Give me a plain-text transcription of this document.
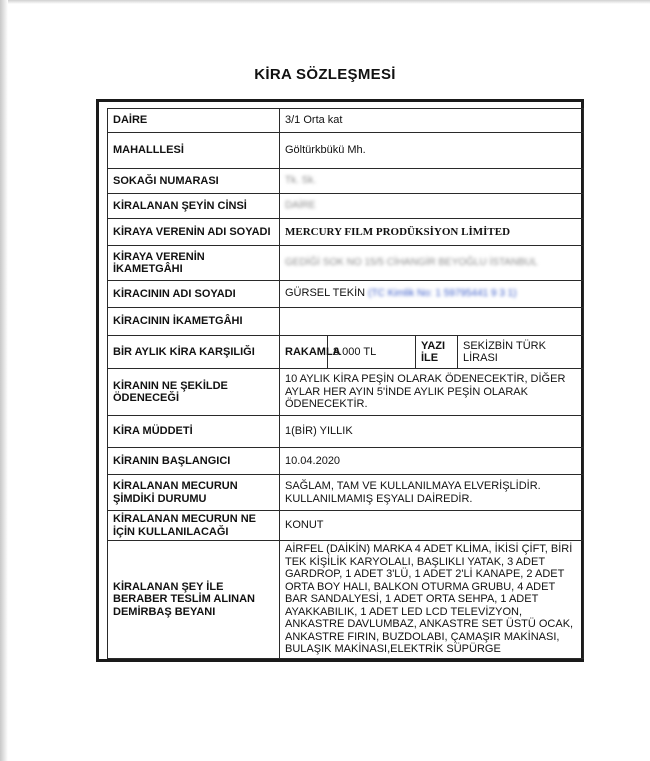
KİRA SÖZLEŞMESİ
DAİRE	3/1 Orta kat			
MAHALLLESİ	Göltürkbükü Mh.			
SOKAĞI NUMARASI	Tk. Sk.			
KİRALANAN ŞEYİN CİNSİ	DAİRE			
KİRAYA VERENİN ADI SOYADI	MERCURY FILM PRODÜKSİYON LİMİTED			
KİRAYA VERENİN İKAMETGÂHI	GEDİĞİ SOK NO 15/5 CİHANGİR BEYOĞLU İSTANBUL			
KİRACININ ADI SOYADI	GÜRSEL TEKİN (TC Kimlik No: 1 59795441 9 3 1)			
KİRACININ İKAMETGÂHI				
BİR AYLIK KİRA KARŞILIĞI	RAKAMLA	8.000 TL	YAZI İLE	SEKİZBİN TÜRK LİRASI
KİRANIN NE ŞEKİLDE ÖDENECEĞİ	10 AYLIK KİRA PEŞİN OLARAK ÖDENECEKTİR, DİĞER AYLAR HER AYIN 5'İNDE AYLIK PEŞİN OLARAK ÖDENECEKTİR.			
KİRA MÜDDETİ	1(BİR) YILLIK			
KİRANIN BAŞLANGICI	10.04.2020			
KİRALANAN MECURUN ŞİMDİKİ DURUMU	SAĞLAM, TAM VE KULLANILMAYA ELVERİŞLİDİR. KULLANILMAMIŞ EŞYALI DAİREDİR.			
KİRALANAN MECURUN NE İÇİN KULLANILACAĞI	KONUT			
KİRALANAN ŞEY İLE BERABER TESLİM ALINAN DEMİRBAŞ BEYANI	AİRFEL (DAİKİN) MARKA 4 ADET KLİMA, İKİSİ ÇİFT, BİRİ TEK KİŞİLİK KARYOLALI, BAŞLIKLI YATAK, 3 ADET GARDROP, 1 ADET 3'LÜ, 1 ADET 2'Lİ KANAPE, 2 ADET ORTA BOY HALI, BALKON OTURMA GRUBU, 4 ADET BAR SANDALYESİ, 1 ADET ORTA SEHPA, 1 ADET AYAKKABILIK, 1 ADET LED LCD TELEVİZYON, ANKASTRE DAVLUMBAZ, ANKASTRE SET ÜSTÜ OCAK, ANKASTRE FIRIN, BUZDOLABI, ÇAMAŞIR MAKİNASI, BULAŞIK MAKİNASI,ELEKTRİK SÜPÜRGE			
